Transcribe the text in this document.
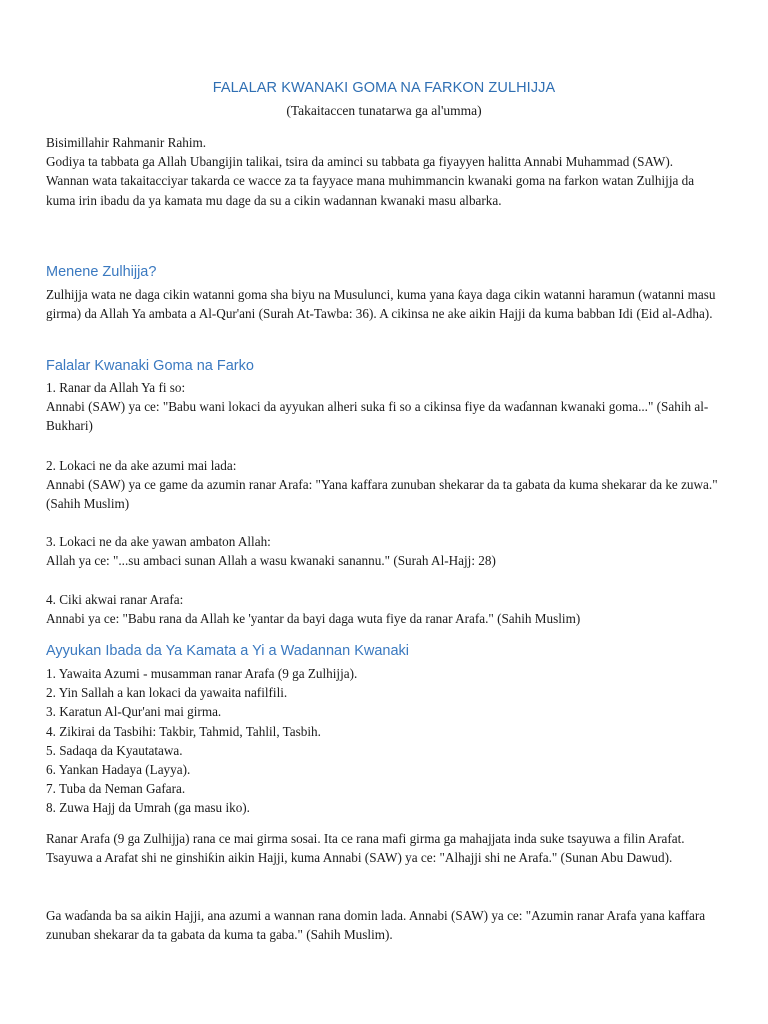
FALALAR KWANAKI GOMA NA FARKON ZULHIJJA
(Takaitaccen tunatarwa ga al'umma)

Bisimillahir Rahmanir Rahim.

Godiya ta tabbata ga Allah Ubangijin talikai, tsira da aminci su tabbata ga fiyayyen halitta Annabi Muhammad (SAW).

Wannan wata takaitacciyar takarda ce wacce za ta fayyace mana muhimmancin kwanaki goma na farkon watan Zulhijja da kuma irin ibadu da ya kamata mu dage da su a cikin wadannan kwanaki masu albarka.

Menene Zulhijja?

Zulhijja wata ne daga cikin watanni goma sha biyu na Musulunci, kuma yana ƙaya daga cikin watanni haramun (watanni masu girma) da Allah Ya ambata a Al-Qur'ani (Surah At-Tawba: 36). A cikinsa ne ake aikin Hajji da kuma babban Idi (Eid al-Adha).

Falalar Kwanaki Goma na Farko

1. Ranar da Allah Ya fi so:

Annabi (SAW) ya ce: "Babu wani lokaci da ayyukan alheri suka fi so a cikinsa fiye da waɗannan kwanaki goma..." (Sahih al-Bukhari)

2. Lokaci ne da ake azumi mai lada:

Annabi (SAW) ya ce game da azumin ranar Arafa: "Yana kaffara zunuban shekarar da ta gabata da kuma shekarar da ke zuwa." (Sahih Muslim)

3. Lokaci ne da ake yawan ambaton Allah:

Allah ya ce: "...su ambaci sunan Allah a wasu kwanaki sanannu." (Surah Al-Hajj: 28)

4. Ciki akwai ranar Arafa:

Annabi ya ce: "Babu rana da Allah ke 'yantar da bayi daga wuta fiye da ranar Arafa." (Sahih Muslim)

Ayyukan Ibada da Ya Kamata a Yi a Wadannan Kwanaki

1. Yawaita Azumi - musamman ranar Arafa (9 ga Zulhijja).

2. Yin Sallah a kan lokaci da yawaita nafilfili.

3. Karatun Al-Qur'ani mai girma.

4. Zikirai da Tasbihi: Takbir, Tahmid, Tahlil, Tasbih.

5. Sadaqa da Kyautatawa.

6. Yankan Hadaya (Layya).

7. Tuba da Neman Gafara.

8. Zuwa Hajj da Umrah (ga masu iko).

Ranar Arafa (9 ga Zulhijja) rana ce mai girma sosai. Ita ce rana mafi girma ga mahajjata inda suke tsayuwa a filin Arafat. Tsayuwa a Arafat shi ne ginshiƙin aikin Hajji, kuma Annabi (SAW) ya ce: "Alhajji shi ne Arafa." (Sunan Abu Dawud).

Ga waɗanda ba sa aikin Hajji, ana azumi a wannan rana domin lada. Annabi (SAW) ya ce: "Azumin ranar Arafa yana kaffara zunuban shekarar da ta gabata da kuma ta gaba." (Sahih Muslim).
